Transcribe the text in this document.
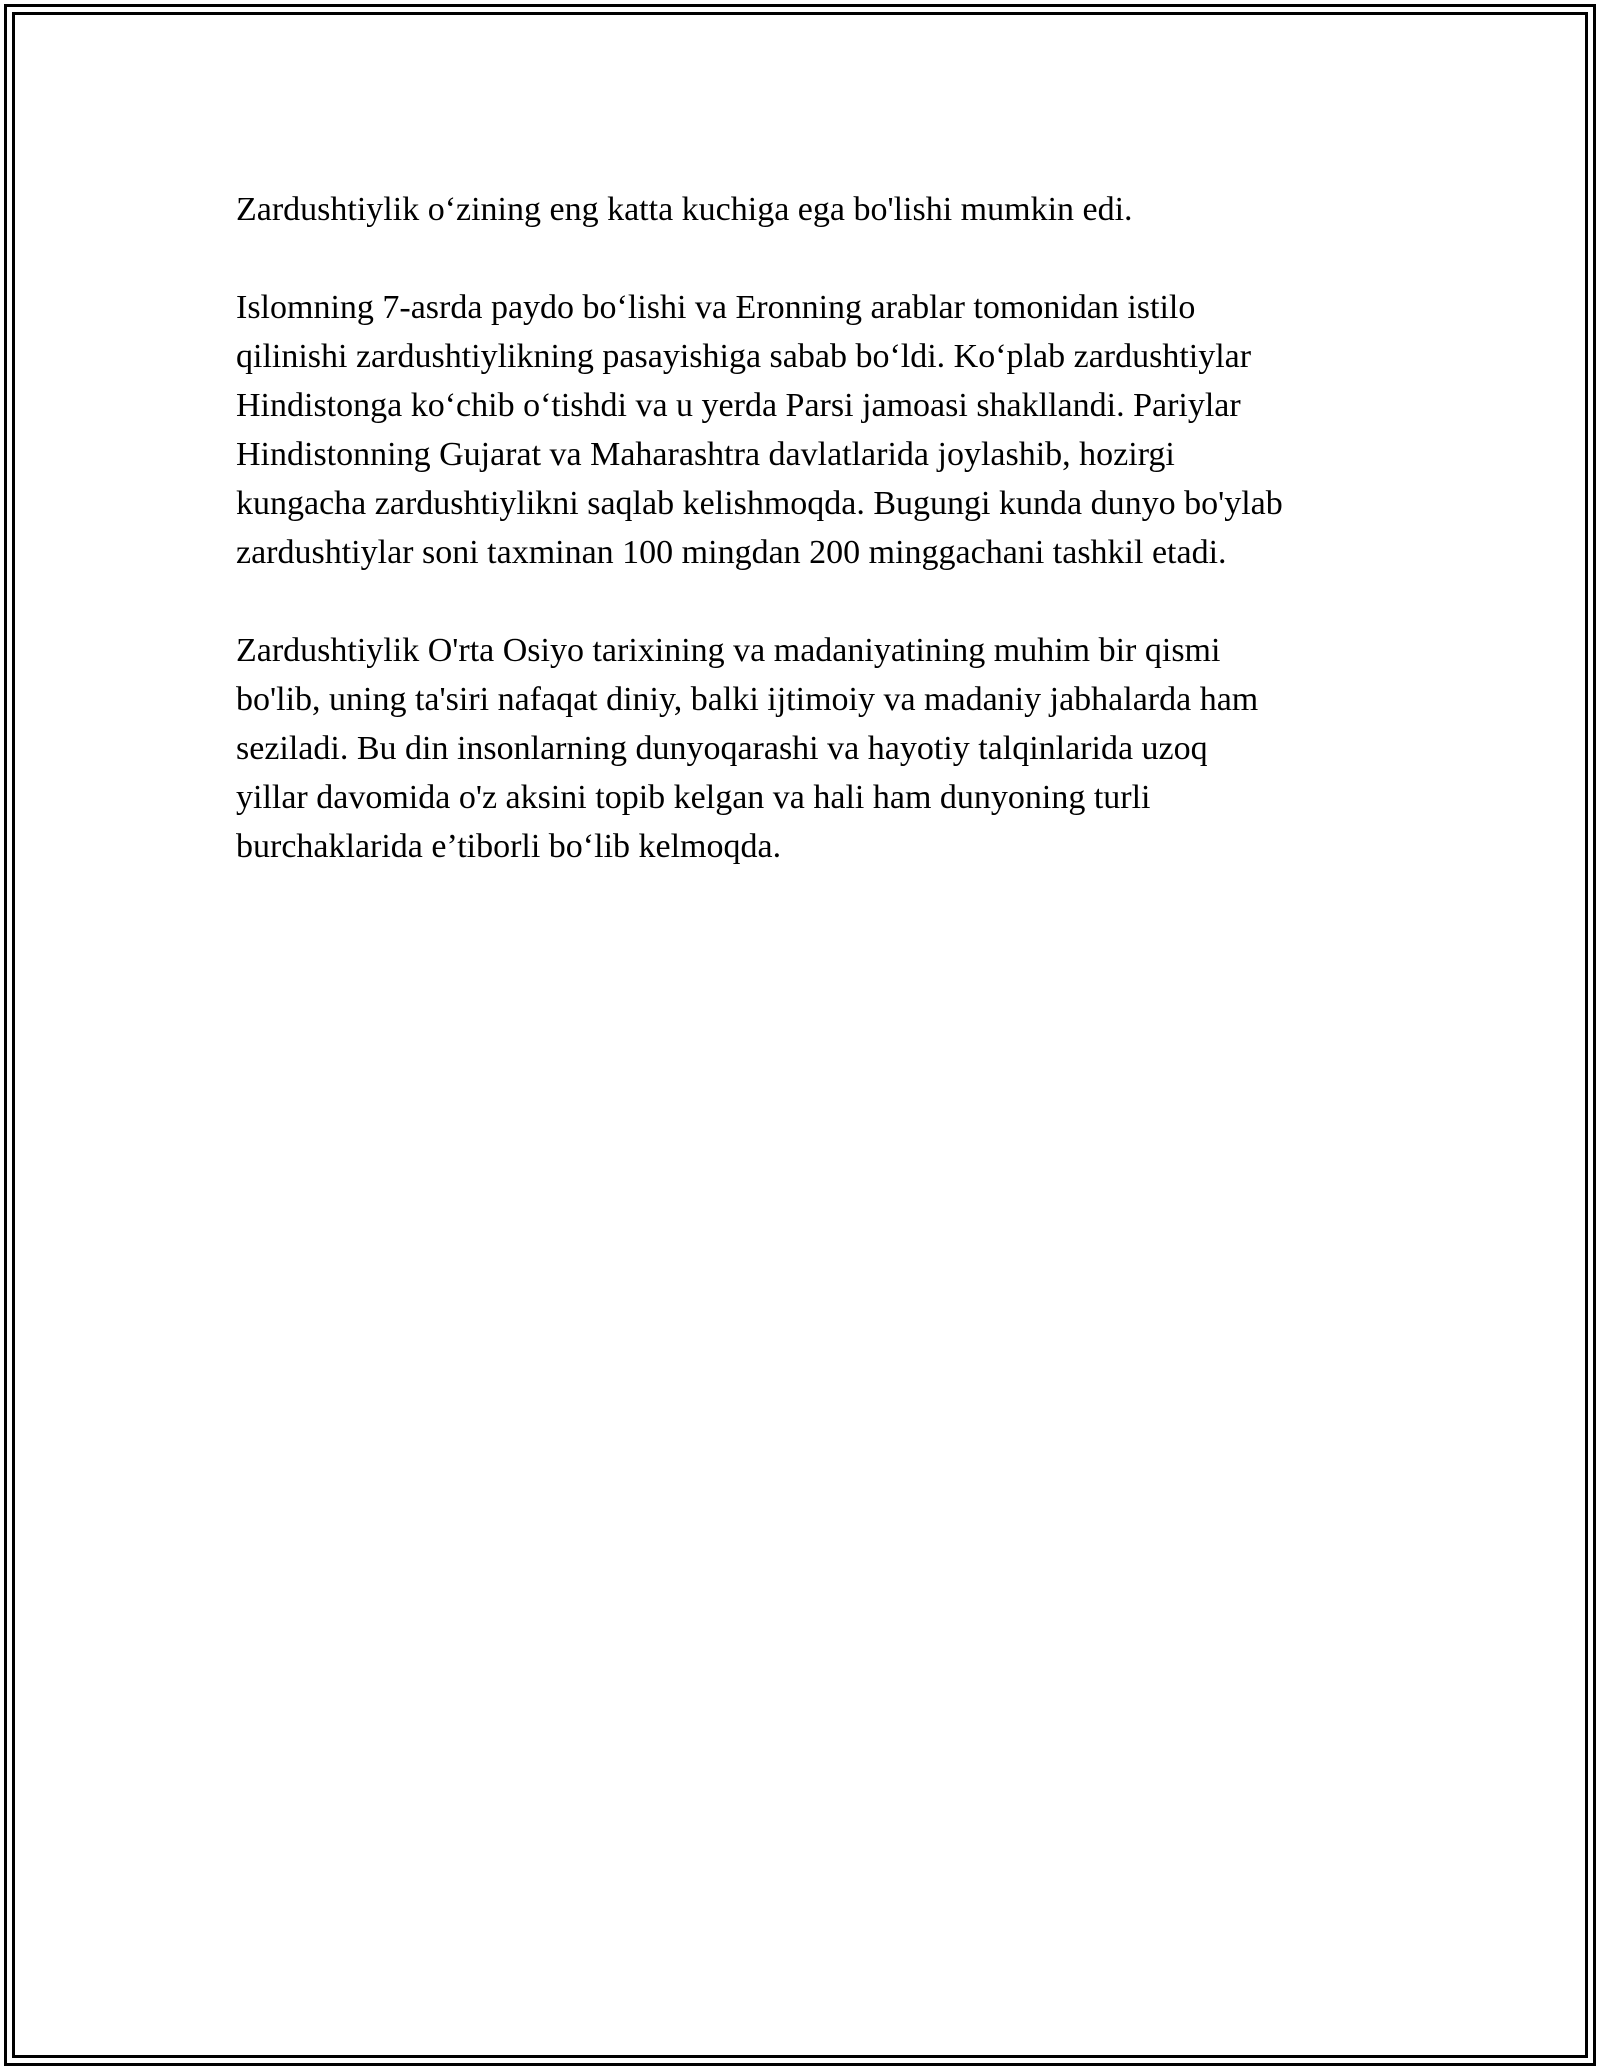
Zardushtiylik o‘zining eng katta kuchiga ega bo'lishi mumkin edi.

Islomning 7-asrda paydo bo‘lishi va Eronning arablar tomonidan istilo
qilinishi zardushtiylikning pasayishiga sabab bo‘ldi. Ko‘plab zardushtiylar
Hindistonga ko‘chib o‘tishdi va u yerda Parsi jamoasi shakllandi. Pariylar
Hindistonning Gujarat va Maharashtra davlatlarida joylashib, hozirgi
kungacha zardushtiylikni saqlab kelishmoqda. Bugungi kunda dunyo bo'ylab
zardushtiylar soni taxminan 100 mingdan 200 minggachani tashkil etadi.

Zardushtiylik O'rta Osiyo tarixining va madaniyatining muhim bir qismi
bo'lib, uning ta'siri nafaqat diniy, balki ijtimoiy va madaniy jabhalarda ham
seziladi. Bu din insonlarning dunyoqarashi va hayotiy talqinlarida uzoq
yillar davomida o'z aksini topib kelgan va hali ham dunyoning turli
burchaklarida e’tiborli bo‘lib kelmoqda.
